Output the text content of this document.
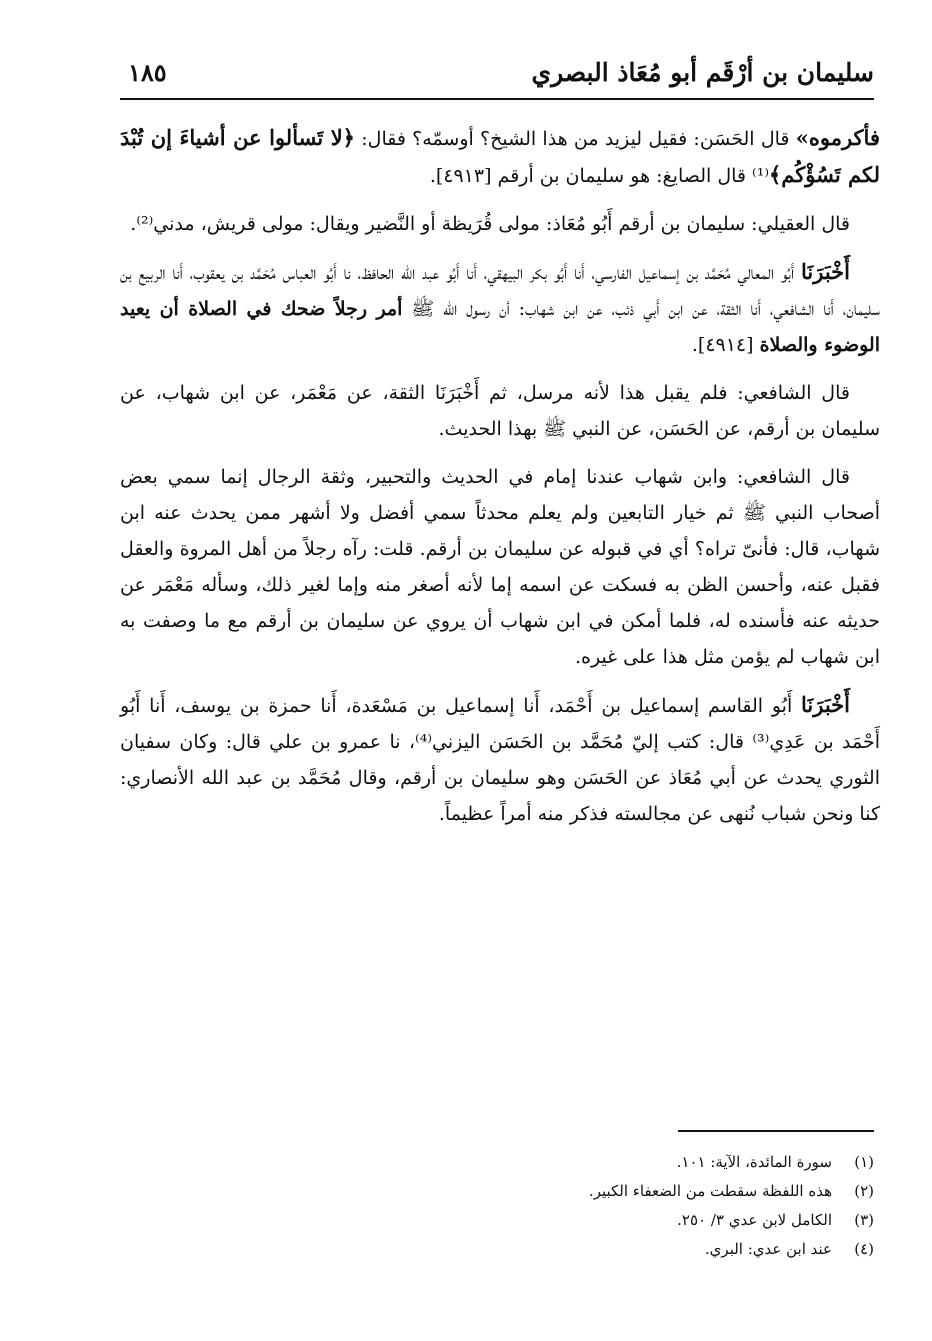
١٨٥	سليمان بن أرْقَم أبو مُعَاذ البصري

فأكرموه» قال الحَسَن: فقيل ليزيد من هذا الشيخ؟ أوسمّه؟ فقال: ﴿لا تَسألوا عن أشياءَ إن تُبْدَ لكم تَسُؤْكُم﴾⁽¹⁾ قال الصايغ: هو سليمان بن أرقم [٤٩١٣].

قال العقيلي: سليمان بن أرقم أَبُو مُعَاذ: مولى قُرَيظة أو النَّضير ويقال: مولى قريش، مدني⁽²⁾.

أَخْبَرَنَا أَبُو المعالي مُحَمَّد بن إسماعيل الفارسي، أَنا أَبُو بكر البيهقي، أَنا أَبُو عبد الله الحافظ، نا أَبُو العباس مُحَمَّد بن يعقوب، أَنا الربيع بن سليمان، أَنا الشافعي، أَنا الثقة، عن ابن أَبي ذئب، عن ابن شهاب: أن رسول الله ﷺ أمر رجلاً ضحك في الصلاة أن يعيد الوضوء والصلاة [٤٩١٤].

قال الشافعي: فلم يقبل هذا لأنه مرسل، ثم أَخْبَرَنَا الثقة، عن مَعْمَر، عن ابن شهاب، عن سليمان بن أرقم، عن الحَسَن، عن النبي ﷺ بهذا الحديث.

قال الشافعي: وابن شهاب عندنا إمام في الحديث والتحبير، وثقة الرجال إنما سمي بعض أصحاب النبي ﷺ ثم خيار التابعين ولم يعلم محدثاً سمي أفضل ولا أشهر ممن يحدث عنه ابن شهاب، قال: فأنىّ تراه؟ أي في قبوله عن سليمان بن أرقم. قلت: رآه رجلاً من أهل المروة والعقل فقبل عنه، وأحسن الظن به فسكت عن اسمه إما لأنه أصغر منه وإما لغير ذلك، وسأله مَعْمَر عن حديثه عنه فأسنده له، فلما أمكن في ابن شهاب أن يروي عن سليمان بن أرقم مع ما وصفت به ابن شهاب لم يؤمن مثل هذا على غيره.

أَخْبَرَنَا أَبُو القاسم إسماعيل بن أَحْمَد، أَنا إسماعيل بن مَسْعَدة، أَنا حمزة بن يوسف، أَنا أَبُو أَحْمَد بن عَدِي⁽³⁾ قال: كتب إليّ مُحَمَّد بن الحَسَن اليزني⁽⁴⁾، نا عمرو بن علي قال: وكان سفيان الثوري يحدث عن أبي مُعَاذ عن الحَسَن وهو سليمان بن أرقم، وقال مُحَمَّد بن عبد الله الأنصاري: كنا ونحن شباب نُنهى عن مجالسته فذكر منه أمراً عظيماً.

(١)
سورة المائدة، الآية: ١٠١.
(٢)
هذه اللفظة سقطت من الضعفاء الكبير.
(٣)
الكامل لابن عدي ٣/ ٢٥٠.
(٤)
عند ابن عدي: البري.
